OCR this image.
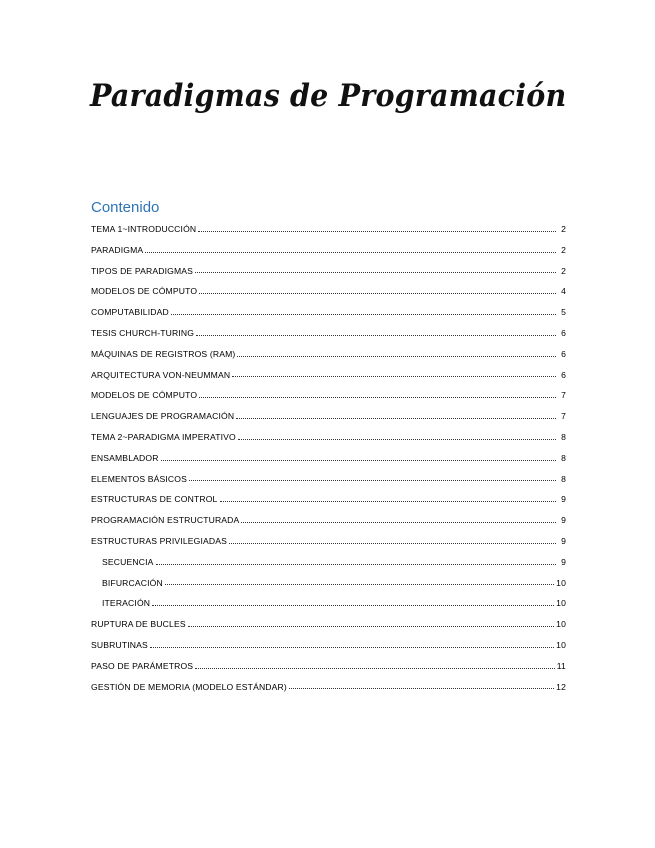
Paradigmas de Programación
Contenido
TEMA 1~INTRODUCCIÓN	2
PARADIGMA	2
TIPOS DE PARADIGMAS	2
MODELOS DE CÓMPUTO	4
COMPUTABILIDAD	5
TESIS CHURCH-TURING	6
MÁQUINAS DE REGISTROS (RAM)	6
ARQUITECTURA VON-NEUMMAN	6
MODELOS DE CÓMPUTO	7
LENGUAJES DE PROGRAMACIÓN	7
TEMA 2~PARADIGMA IMPERATIVO	8
ENSAMBLADOR	8
ELEMENTOS BÁSICOS	8
ESTRUCTURAS DE CONTROL	9
PROGRAMACIÓN ESTRUCTURADA	9
ESTRUCTURAS PRIVILEGIADAS	9
SECUENCIA	9
BIFURCACIÓN	10
ITERACIÓN	10
RUPTURA DE BUCLES	10
SUBRUTINAS	10
PASO DE PARÁMETROS	11
GESTIÓN DE MEMORIA (MODELO ESTÁNDAR)	12
